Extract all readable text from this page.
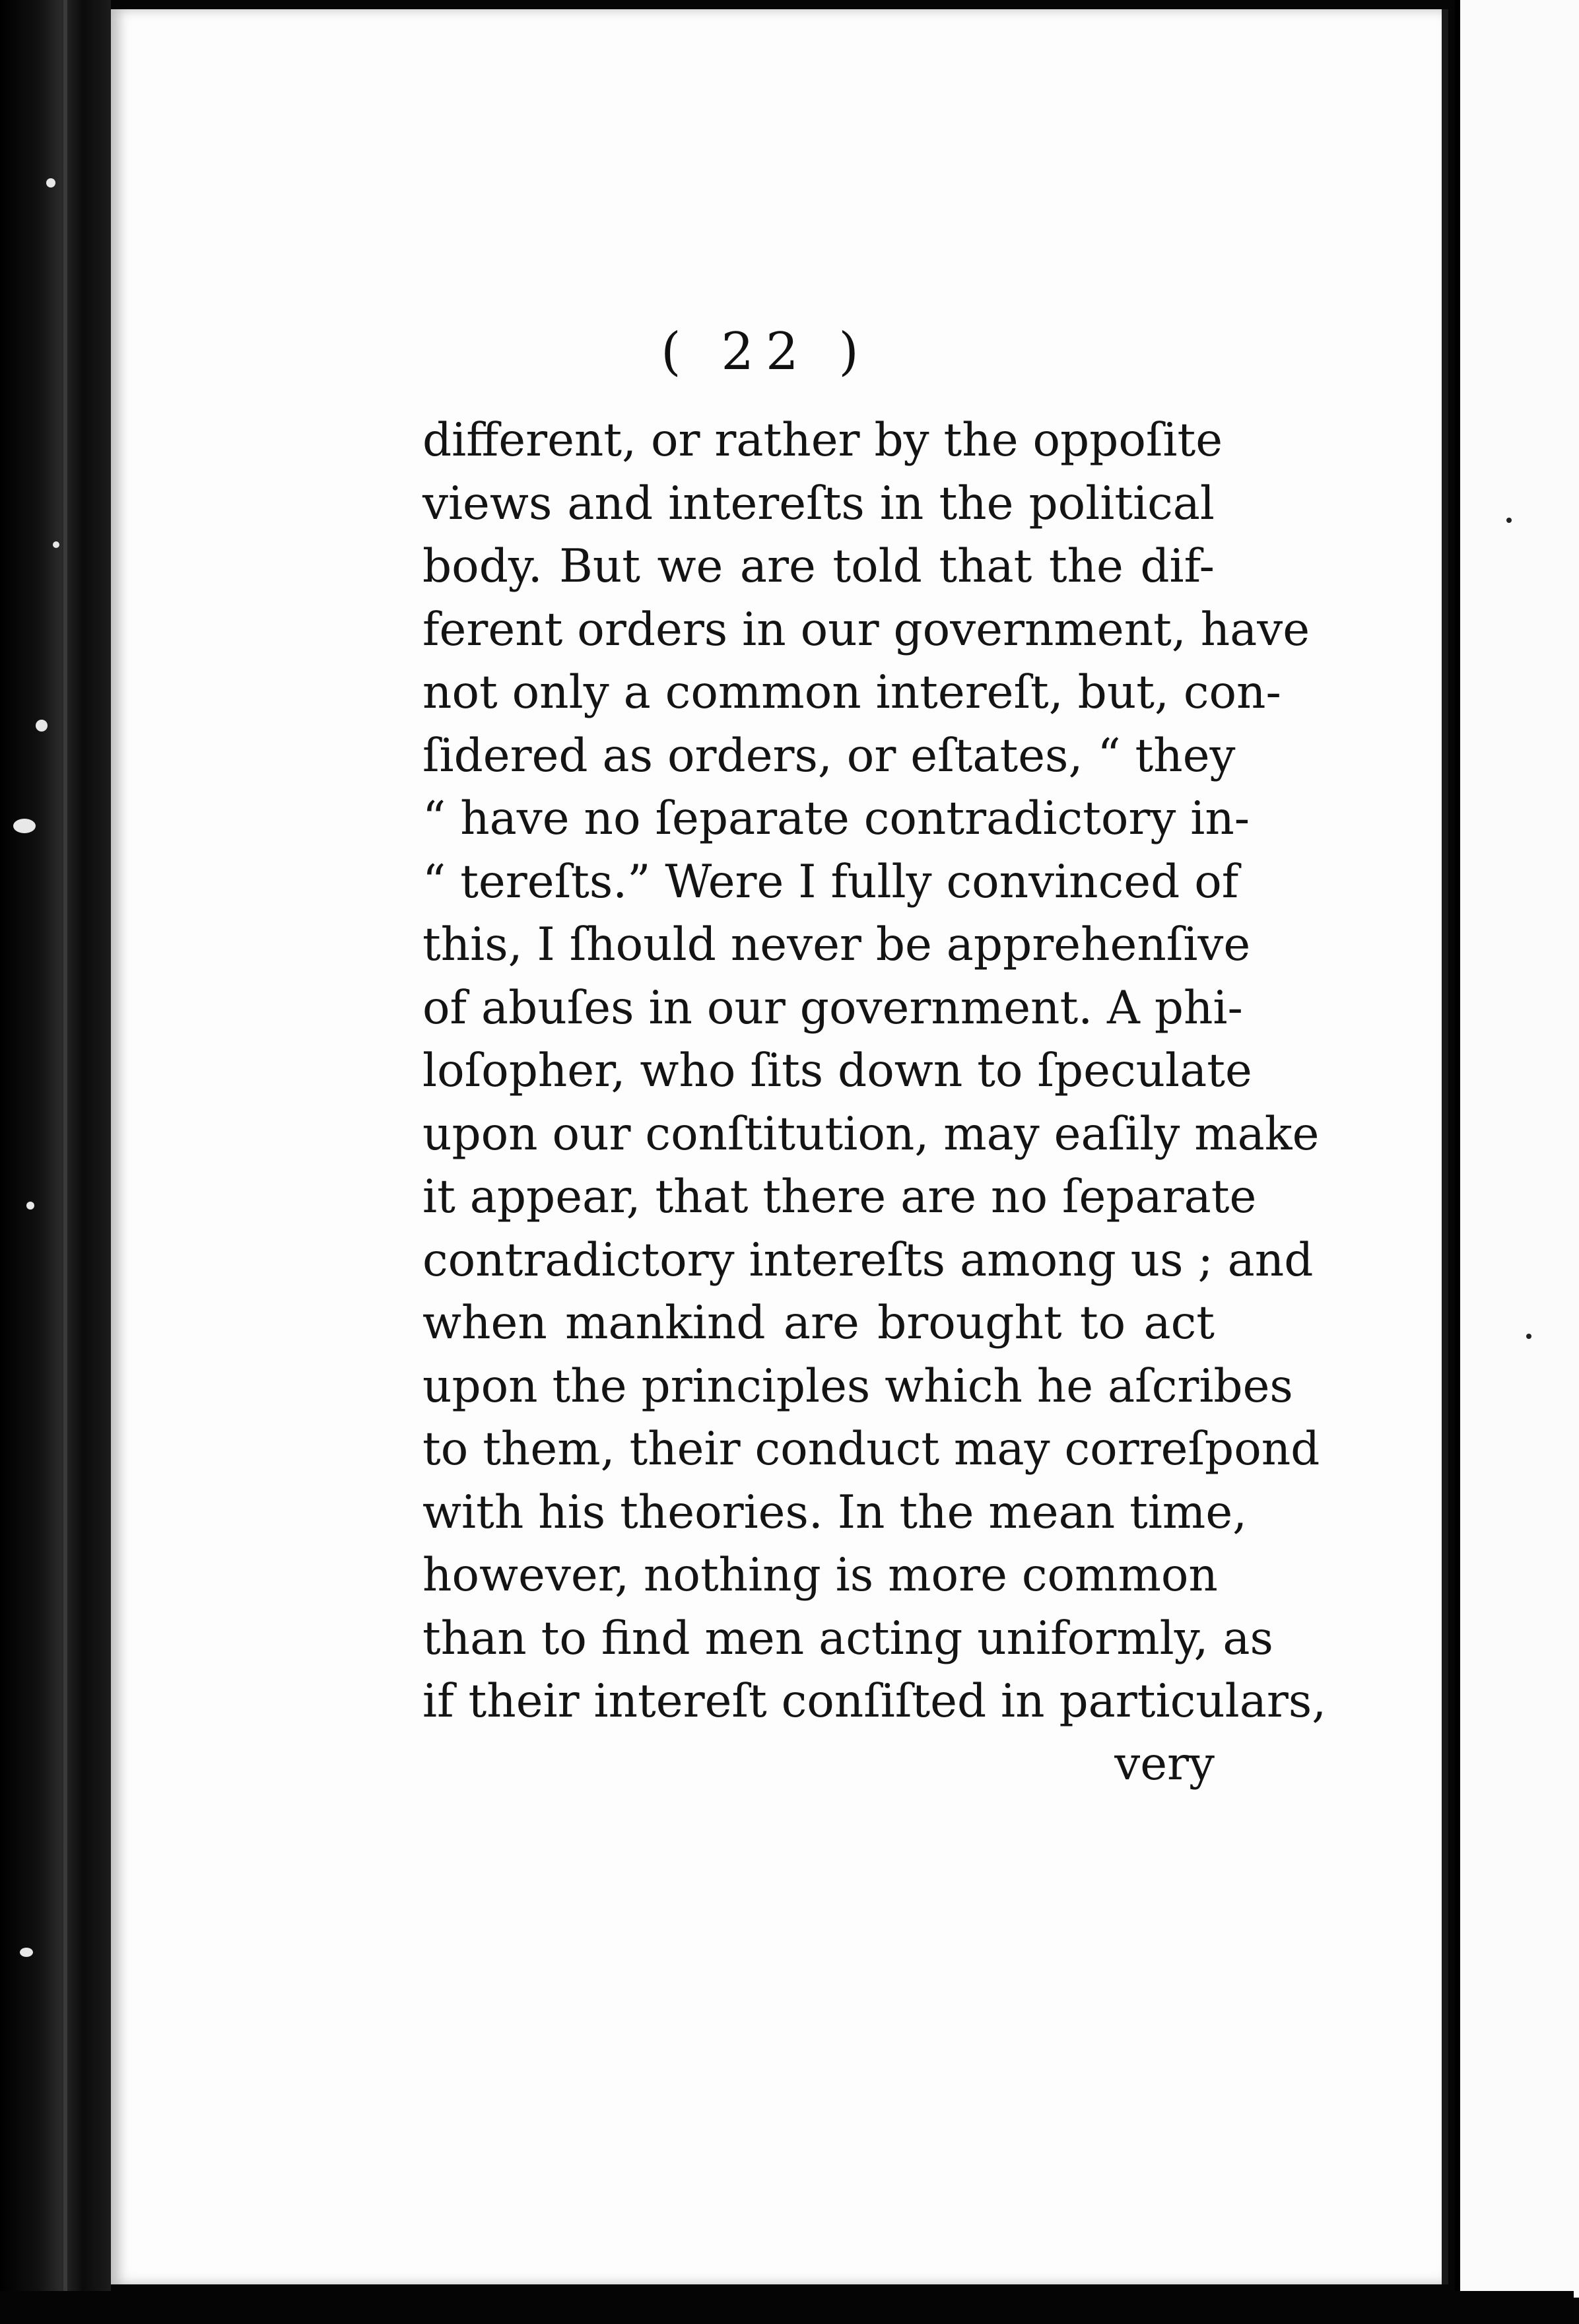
( 22 )

different, or rather by the oppoſite
views and intereſts in the political
body. But we are told that the dif-
ferent orders in our government, have
not only a common intereſt, but, con-
ſidered as orders, or eſtates, “ they
“ have no ſeparate contradictory in-
“ tereſts.” Were I fully convinced of
this, I ſhould never be apprehenſive
of abuſes in our government. A phi-
loſopher, who ſits down to ſpeculate
upon our conſtitution, may eaſily make
it appear, that there are no ſeparate
contradictory intereſts among us ; and
when mankind are brought to act
upon the principles which he aſcribes
to them, their conduct may correſpond
with his theories. In the mean time,
however, nothing is more common
than to find men acting uniformly, as
if their intereſt conſiſted in particulars,

very
